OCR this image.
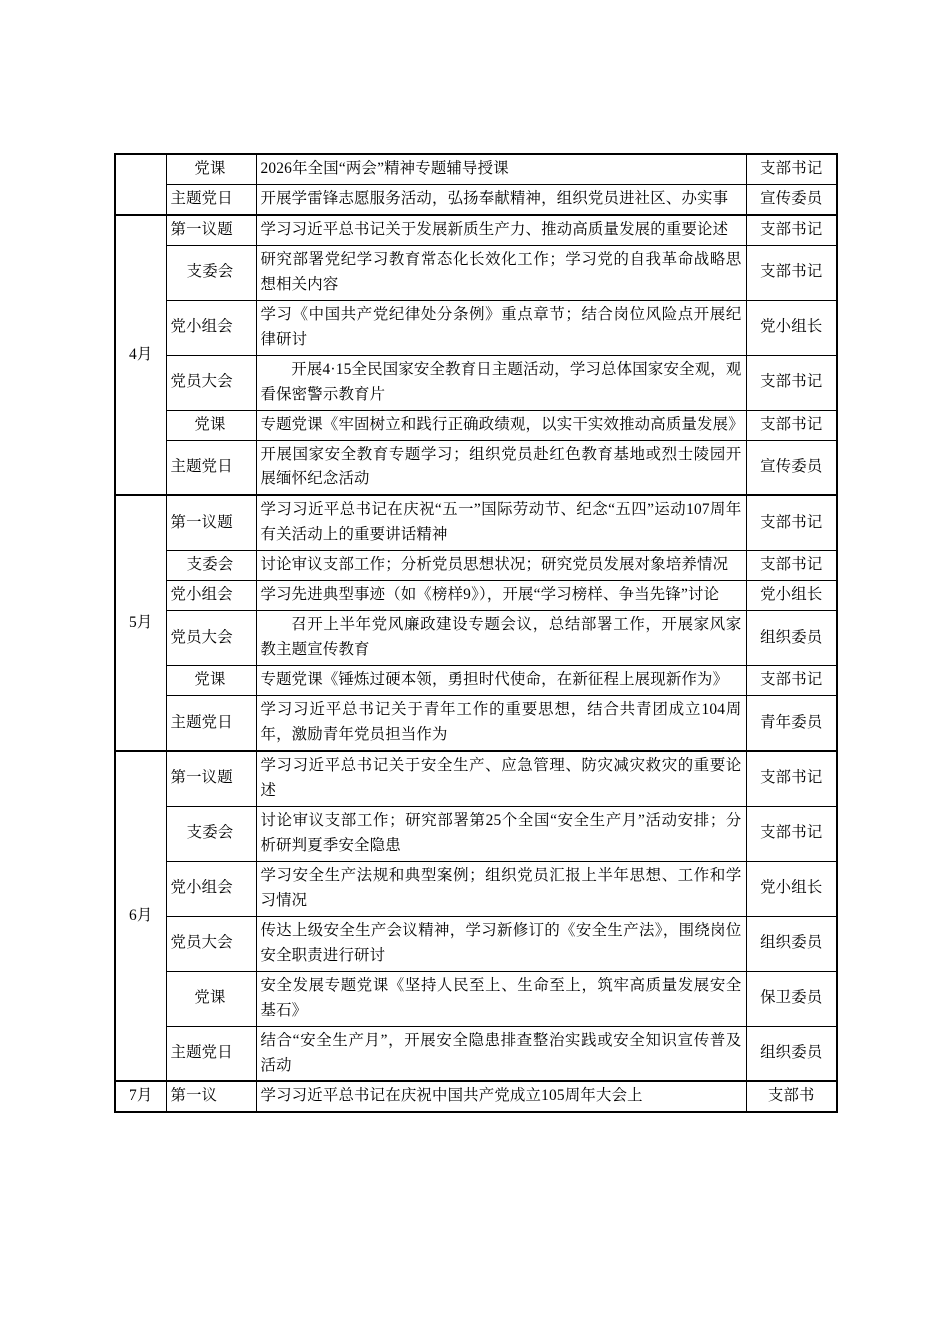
	党课	2026年全国“两会”精神专题辅导授课	支部书记
	主题党日	开展学雷锋志愿服务活动，弘扬奉献精神，组织党员进社区、办实事	宣传委员
4月	第一议题	学习习近平总书记关于发展新质生产力、推动高质量发展的重要论述	支部书记
	支委会	研究部署党纪学习教育常态化长效化工作；学习党的自我革命战略思想相关内容	支部书记
	党小组会	学习《中国共产党纪律处分条例》重点章节；结合岗位风险点开展纪律研讨	党小组长
	党员大会	开展4·15全民国家安全教育日主题活动，学习总体国家安全观，观看保密警示教育片	支部书记
	党课	专题党课《牢固树立和践行正确政绩观，以实干实效推动高质量发展》	支部书记
	主题党日	开展国家安全教育专题学习；组织党员赴红色教育基地或烈士陵园开展缅怀纪念活动	宣传委员
5月	第一议题	学习习近平总书记在庆祝“五一”国际劳动节、纪念“五四”运动107周年有关活动上的重要讲话精神	支部书记
	支委会	讨论审议支部工作；分析党员思想状况；研究党员发展对象培养情况	支部书记
	党小组会	学习先进典型事迹（如《榜样9》），开展“学习榜样、争当先锋”讨论	党小组长
	党员大会	召开上半年党风廉政建设专题会议，总结部署工作，开展家风家教主题宣传教育	组织委员
	党课	专题党课《锤炼过硬本领，勇担时代使命，在新征程上展现新作为》	支部书记
	主题党日	学习习近平总书记关于青年工作的重要思想，结合共青团成立104周年，激励青年党员担当作为	青年委员
6月	第一议题	学习习近平总书记关于安全生产、应急管理、防灾减灾救灾的重要论述	支部书记
	支委会	讨论审议支部工作；研究部署第25个全国“安全生产月”活动安排；分析研判夏季安全隐患	支部书记
	党小组会	学习安全生产法规和典型案例；组织党员汇报上半年思想、工作和学习情况	党小组长
	党员大会	传达上级安全生产会议精神，学习新修订的《安全生产法》，围绕岗位安全职责进行研讨	组织委员
	党课	安全发展专题党课《坚持人民至上、生命至上，筑牢高质量发展安全基石》	保卫委员
	主题党日	结合“安全生产月”，开展安全隐患排查整治实践或安全知识宣传普及活动	组织委员
7月	第一议	学习习近平总书记在庆祝中国共产党成立105周年大会上	支部书
